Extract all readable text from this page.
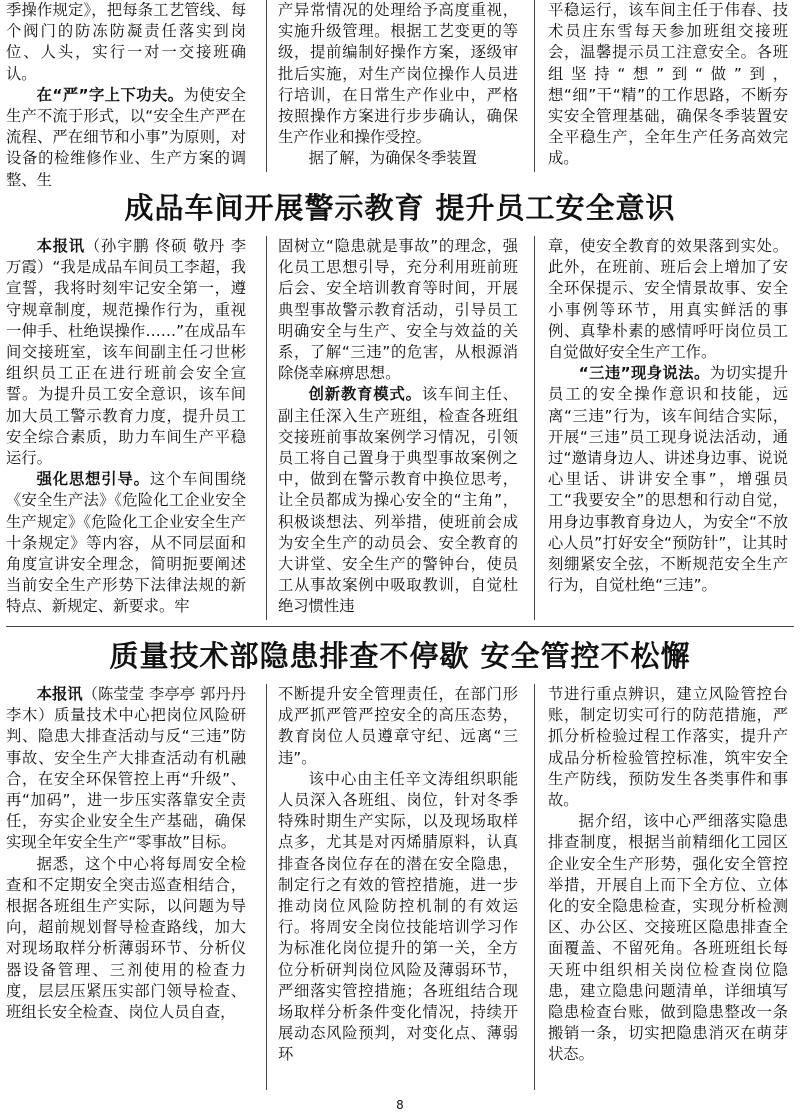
季操作规定》，把每条工艺管线、每个阀门的防冻防凝责任落实到岗位、人头，实行一对一交接班确认。

在“严”字上下功夫。为使安全生产不流于形式，以“安全生产严在流程、严在细节和小事”为原则，对设备的检维修作业、生产方案的调整、生

产异常情况的处理给予高度重视，实施升级管理。根据工艺变更的等级，提前编制好操作方案，逐级审批后实施，对生产岗位操作人员进行培训，在日常生产作业中，严格按照操作方案进行步步确认，确保生产作业和操作受控。

据了解，为确保冬季装置

平稳运行，该车间主任于伟春、技术员庄东雪每天参加班组交接班会，温馨提示员工注意安全。各班组坚持“想”到“做”到，想“细”干“精”的工作思路，不断夯实安全管理基础，确保冬季装置安全平稳生产，全年生产任务高效完成。

成品车间开展警示教育 提升员工安全意识

本报讯（孙宇鹏 佟硕 敬丹 李万霞）“我是成品车间员工李超，我宣誓，我将时刻牢记安全第一，遵守规章制度，规范操作行为，重视一伸手、杜绝误操作……”在成品车间交接班室，该车间副主任刁世彬组织员工正在进行班前会安全宣誓。为提升员工安全意识，该车间加大员工警示教育力度，提升员工安全综合素质，助力车间生产平稳运行。

强化思想引导。这个车间围绕《安全生产法》《危险化工企业安全生产规定》《危险化工企业安全生产十条规定》等内容，从不同层面和角度宣讲安全理念，简明扼要阐述当前安全生产形势下法律法规的新特点、新规定、新要求。牢

固树立“隐患就是事故”的理念，强化员工思想引导，充分利用班前班后会、安全培训教育等时间，开展典型事故警示教育活动，引导员工明确安全与生产、安全与效益的关系，了解“三违”的危害，从根源消除侥幸麻痹思想。

创新教育模式。该车间主任、副主任深入生产班组，检查各班组交接班前事故案例学习情况，引领员工将自己置身于典型事故案例之中，做到在警示教育中换位思考，让全员都成为操心安全的“主角”，积极谈想法、列举措，使班前会成为安全生产的动员会、安全教育的大讲堂、安全生产的警钟台，使员工从事故案例中吸取教训，自觉杜绝习惯性违

章，使安全教育的效果落到实处。此外，在班前、班后会上增加了安全环保提示、安全情景故事、安全小事例等环节，用真实鲜活的事例、真挚朴素的感情呼吁岗位员工自觉做好安全生产工作。

“三违”现身说法。为切实提升员工的安全操作意识和技能，远离“三违”行为，该车间结合实际，开展“三违”员工现身说法活动，通过“邀请身边人、讲述身边事、说说心里话、讲讲安全事”，增强员工“我要安全”的思想和行动自觉，用身边事教育身边人，为安全“不放心人员”打好安全“预防针”，让其时刻绷紧安全弦，不断规范安全生产行为，自觉杜绝“三违”。

质量技术部隐患排查不停歇 安全管控不松懈

本报讯（陈莹莹 李亭亭 郭丹丹 李木）质量技术中心把岗位风险研判、隐患大排查活动与反“三违”防事故、安全生产大排查活动有机融合，在安全环保管控上再“升级”、再“加码”，进一步压实落靠安全责任，夯实企业安全生产基础，确保实现全年安全生产“零事故”目标。

据悉，这个中心将每周安全检查和不定期安全突击巡查相结合，根据各班组生产实际，以问题为导向，超前规划督导检查路线，加大对现场取样分析薄弱环节、分析仪器设备管理、三剂使用的检查力度，层层压紧压实部门领导检查、班组长安全检查、岗位人员自查，

不断提升安全管理责任，在部门形成严抓严管严控安全的高压态势，教育岗位人员遵章守纪、远离“三违”。

该中心由主任辛文涛组织职能人员深入各班组、岗位，针对冬季特殊时期生产实际，以及现场取样点多，尤其是对丙烯腈原料，认真排查各岗位存在的潜在安全隐患，制定行之有效的管控措施，进一步推动岗位风险防控机制的有效运行。将周安全岗位技能培训学习作为标准化岗位提升的第一关，全方位分析研判岗位风险及薄弱环节，严细落实管控措施；各班组结合现场取样分析条件变化情况，持续开展动态风险预判，对变化点、薄弱环

节进行重点辨识，建立风险管控台账，制定切实可行的防范措施，严抓分析检验过程工作落实，提升产成品分析检验管控标准，筑牢安全生产防线，预防发生各类事件和事故。

据介绍，该中心严细落实隐患排查制度，根据当前精细化工园区企业安全生产形势，强化安全管控举措，开展自上而下全方位、立体化的安全隐患检查，实现分析检测区、办公区、交接班区隐患排查全面覆盖、不留死角。各班班组长每天班中组织相关岗位检查岗位隐患，建立隐患问题清单，详细填写隐患检查台账，做到隐患整改一条搬销一条，切实把隐患消灭在萌芽状态。

8
